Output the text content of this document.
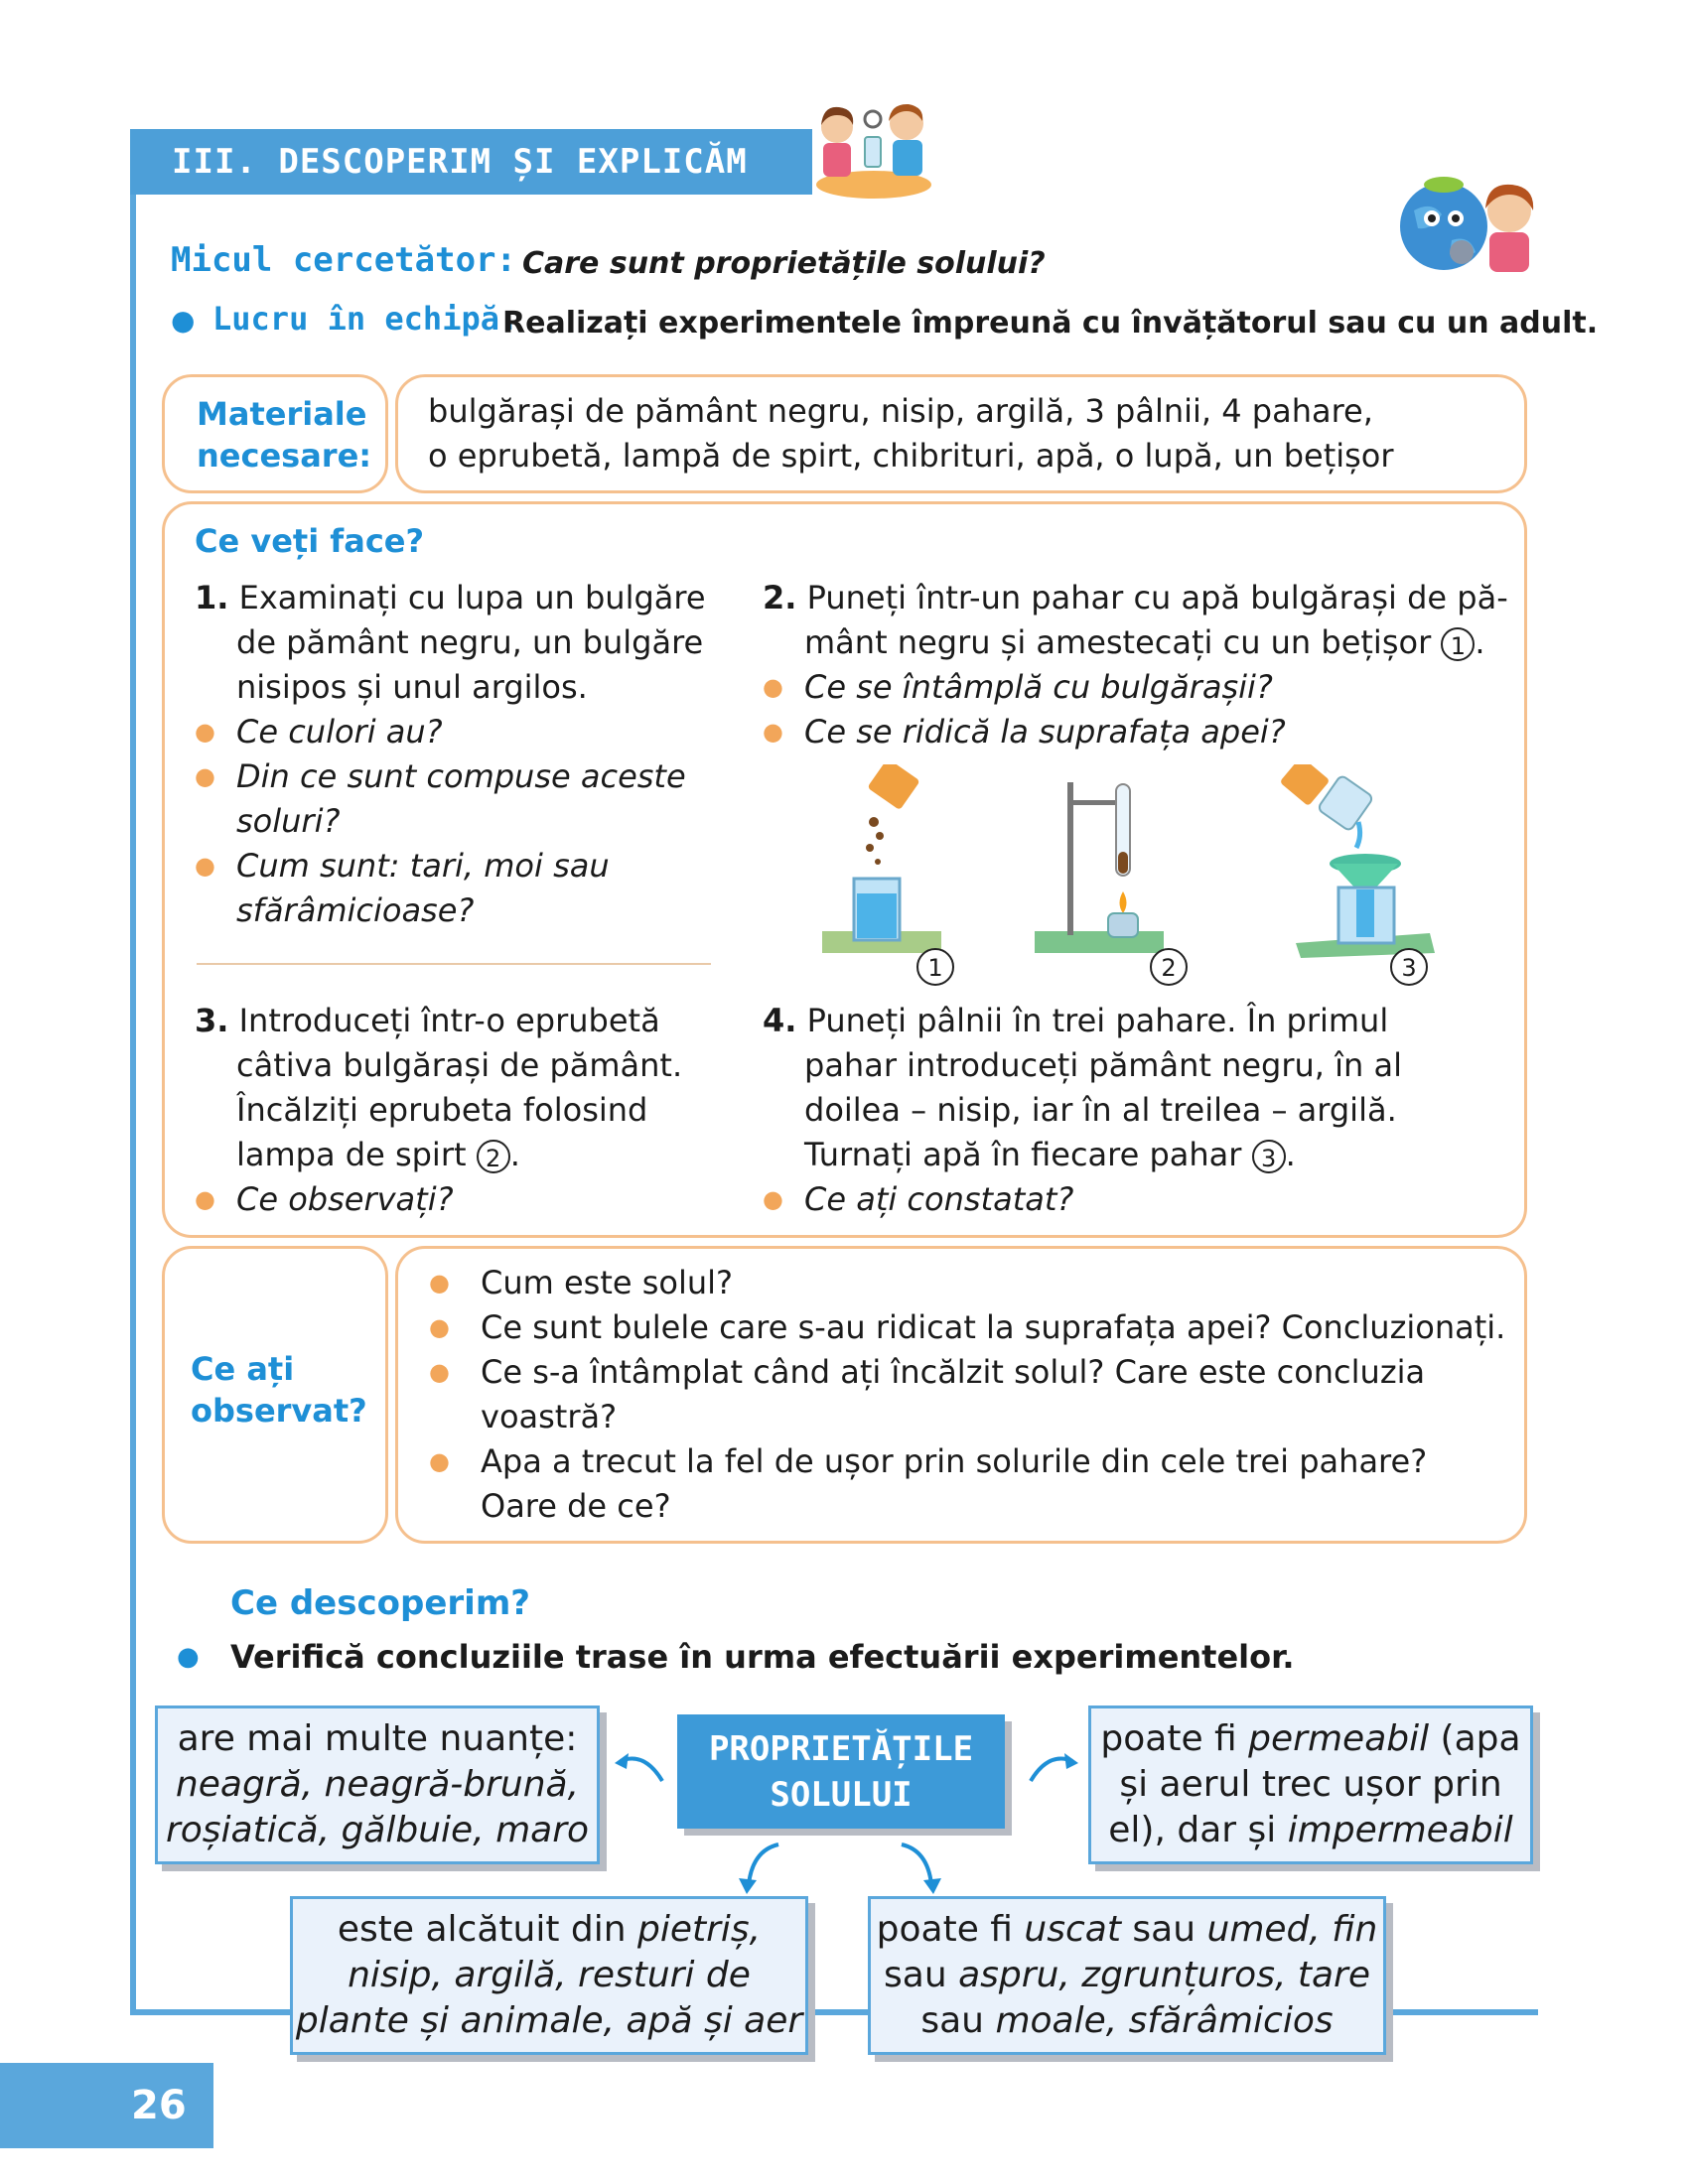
III. DESCOPERIM ȘI EXPLICĂM
Micul cercetător: Care sunt proprietățile solului?
● Lucru în echipă.
Realizați experimentele împreună cu învățătorul sau cu un adult.
Materiale
necesare:
bulgărași de pământ negru, nisip, argilă, 3 pâlnii, 4 pahare,
o eprubetă, lampă de spirt, chibrituri, apă, o lupă, un bețișor
Ce veți face?
1. Examinați cu lupa un bulgăre
de pământ negru, un bulgăre
nisipos și unul argilos.
● Ce culori au?
● Din ce sunt compuse aceste soluri?
● Cum sunt: tari, moi sau sfărâmicioase?
2. Puneți într-un pahar cu apă bulgărași de pă-
mânt negru și amestecați cu un bețișor 1 .
● Ce se întâmplă cu bulgărașii?
● Ce se ridică la suprafața apei?
1	2	3
3. Introduceți într-o eprubetă
câtiva bulgărași de pământ.
Încălziți eprubeta folosind
lampa de spirt 2 .
● Ce observați?
4. Puneți pâlnii în trei pahare. În primul
pahar introduceți pământ negru, în al
doilea – nisip, iar în al treilea – argilă.
Turnați apă în fiecare pahar 3 .
● Ce ați constatat?
Ce ați
observat?
● Cum este solul?
● Ce sunt bulele care s-au ridicat la suprafața apei? Concluzionați.
● Ce s-a întâmplat când ați încălzit solul? Care este concluzia voastră?
● Apa a trecut la fel de ușor prin solurile din cele trei pahare? Oare de ce?
Ce descoperim?
● Verifică concluziile trase în urma efectuării experimentelor.
PROPRIETĂȚILE
SOLULUI
are mai multe nuanțe:
neagră, neagră-brună,
roșiatică, gălbuie, maro
poate fi permeabil (apa
și aerul trec ușor prin
el), dar și impermeabil
este alcătuit din pietriș,
nisip, argilă, resturi de
plante și animale, apă și aer
poate fi uscat sau umed, fin
sau aspru, zgrunțuros, tare
sau moale, sfărâmicios
26
